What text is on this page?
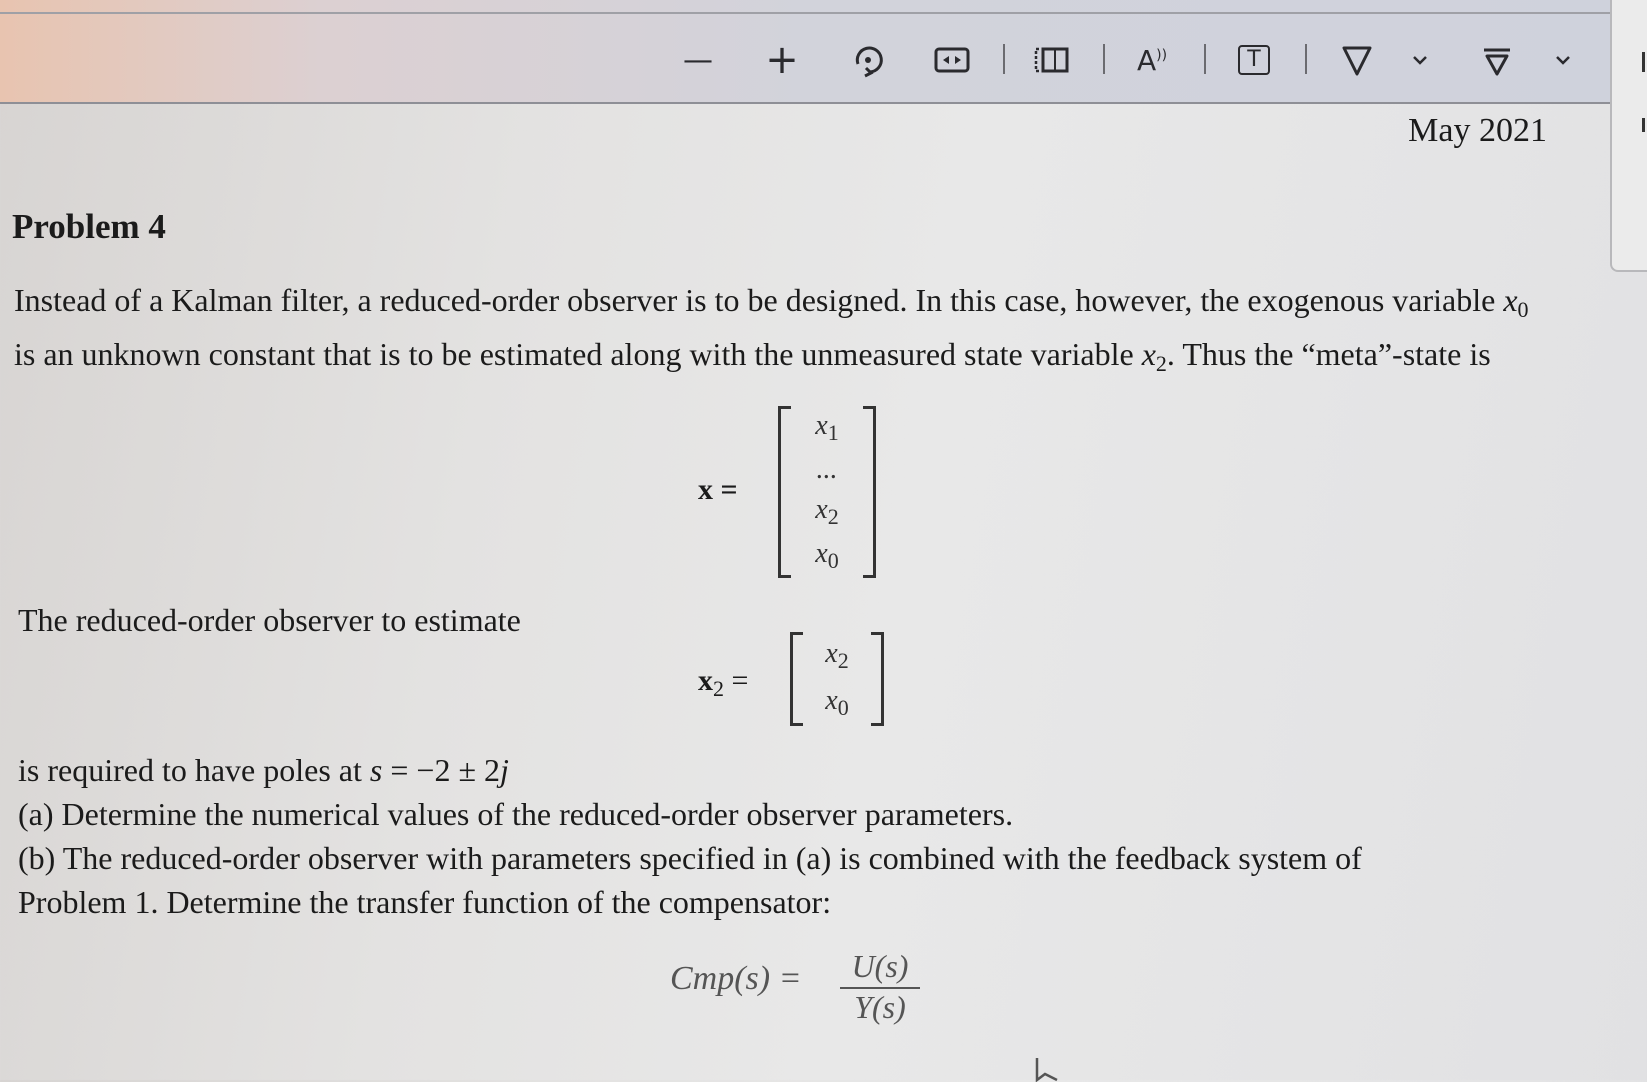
— +	A))	T
May 2021
Problem 4

Instead of a Kalman filter, a reduced-order observer is to be designed. In this case, however, the exogenous variable $x_0$ is an unknown constant that is to be estimated along with the unmeasured state variable $x_2$. Thus the “meta”-state is

x =
$x_1$
...
$x_2$
$x_0$
The reduced-order observer to estimate
$x_2$ =
$x_2$
$x_0$
is required to have poles at s = −2 ± 2j
(a) Determine the numerical values of the reduced-order observer parameters.
(b) The reduced-order observer with parameters specified in (a) is combined with the feedback system of
Problem 1. Determine the transfer function of the compensator:
$Cmp(s) = \frac{U(s)}{Y(s)}$
